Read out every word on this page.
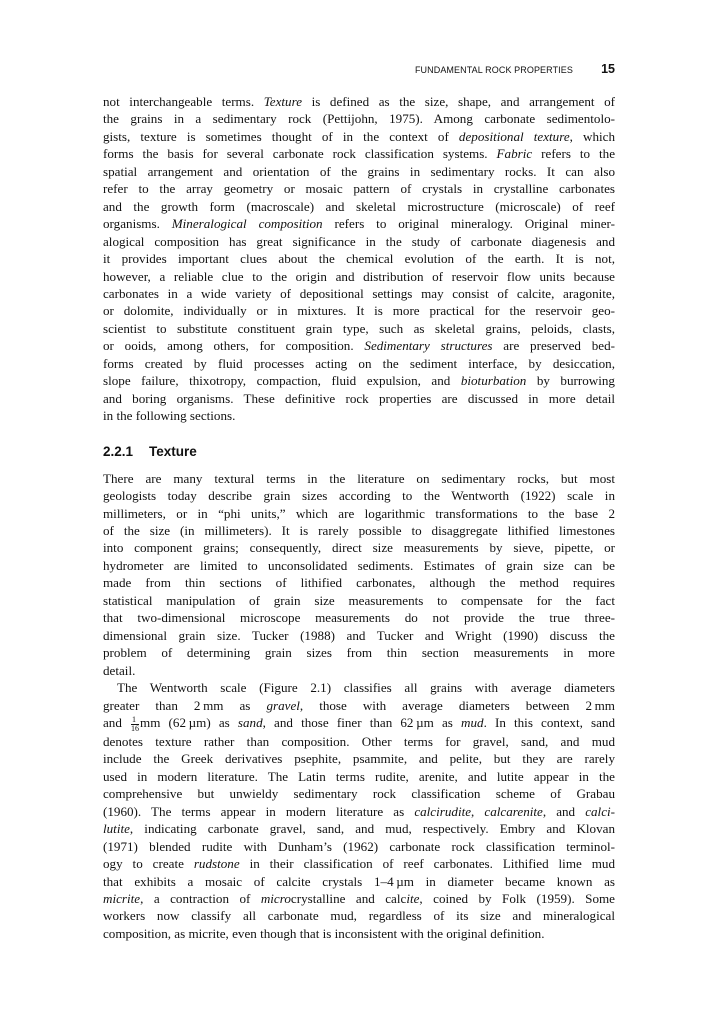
FUNDAMENTAL ROCK PROPERTIES 15

not interchangeable terms. Texture is defined as the size, shape, and arrangement of

the grains in a sedimentary rock (Pettijohn, 1975). Among carbonate sedimentolo-

gists, texture is sometimes thought of in the context of depositional texture, which

forms the basis for several carbonate rock classification systems. Fabric refers to the

spatial arrangement and orientation of the grains in sedimentary rocks. It can also

refer to the array geometry or mosaic pattern of crystals in crystalline carbonates

and the growth form (macroscale) and skeletal microstructure (microscale) of reef

organisms. Mineralogical composition refers to original mineralogy. Original miner-

alogical composition has great significance in the study of carbonate diagenesis and

it provides important clues about the chemical evolution of the earth. It is not,

however, a reliable clue to the origin and distribution of reservoir flow units because

carbonates in a wide variety of depositional settings may consist of calcite, aragonite,

or dolomite, individually or in mixtures. It is more practical for the reservoir geo-

scientist to substitute constituent grain type, such as skeletal grains, peloids, clasts,

or ooids, among others, for composition. Sedimentary structures are preserved bed-

forms created by fluid processes acting on the sediment interface, by desiccation,

slope failure, thixotropy, compaction, fluid expulsion, and bioturbation by burrowing

and boring organisms. These definitive rock properties are discussed in more detail

in the following sections.

2.2.1 Texture

There are many textural terms in the literature on sedimentary rocks, but most

geologists today describe grain sizes according to the Wentworth (1922) scale in

millimeters, or in “phi units,” which are logarithmic transformations to the base 2

of the size (in millimeters). It is rarely possible to disaggregate lithified limestones

into component grains; consequently, direct size measurements by sieve, pipette, or

hydrometer are limited to unconsolidated sediments. Estimates of grain size can be

made from thin sections of lithified carbonates, although the method requires

statistical manipulation of grain size measurements to compensate for the fact

that two-dimensional microscope measurements do not provide the true three-

dimensional grain size. Tucker (1988) and Tucker and Wright (1990) discuss the

problem of determining grain sizes from thin section measurements in more

detail.

The Wentworth scale (Figure 2.1) classifies all grains with average diameters

greater than 2 mm as gravel, those with average diameters between 2 mm

and $\frac{1}{16}$ mm (62 µm) as sand, and those finer than 62 µm as mud. In this context, sand

denotes texture rather than composition. Other terms for gravel, sand, and mud

include the Greek derivatives psephite, psammite, and pelite, but they are rarely

used in modern literature. The Latin terms rudite, arenite, and lutite appear in the

comprehensive but unwieldy sedimentary rock classification scheme of Grabau

(1960). The terms appear in modern literature as calcirudite, calcarenite, and calci-

lutite, indicating carbonate gravel, sand, and mud, respectively. Embry and Klovan

(1971) blended rudite with Dunham’s (1962) carbonate rock classification terminol-

ogy to create rudstone in their classification of reef carbonates. Lithified lime mud

that exhibits a mosaic of calcite crystals 1–4 µm in diameter became known as

micrite, a contraction of microcrystalline and calcite, coined by Folk (1959). Some

workers now classify all carbonate mud, regardless of its size and mineralogical

composition, as micrite, even though that is inconsistent with the original definition.
